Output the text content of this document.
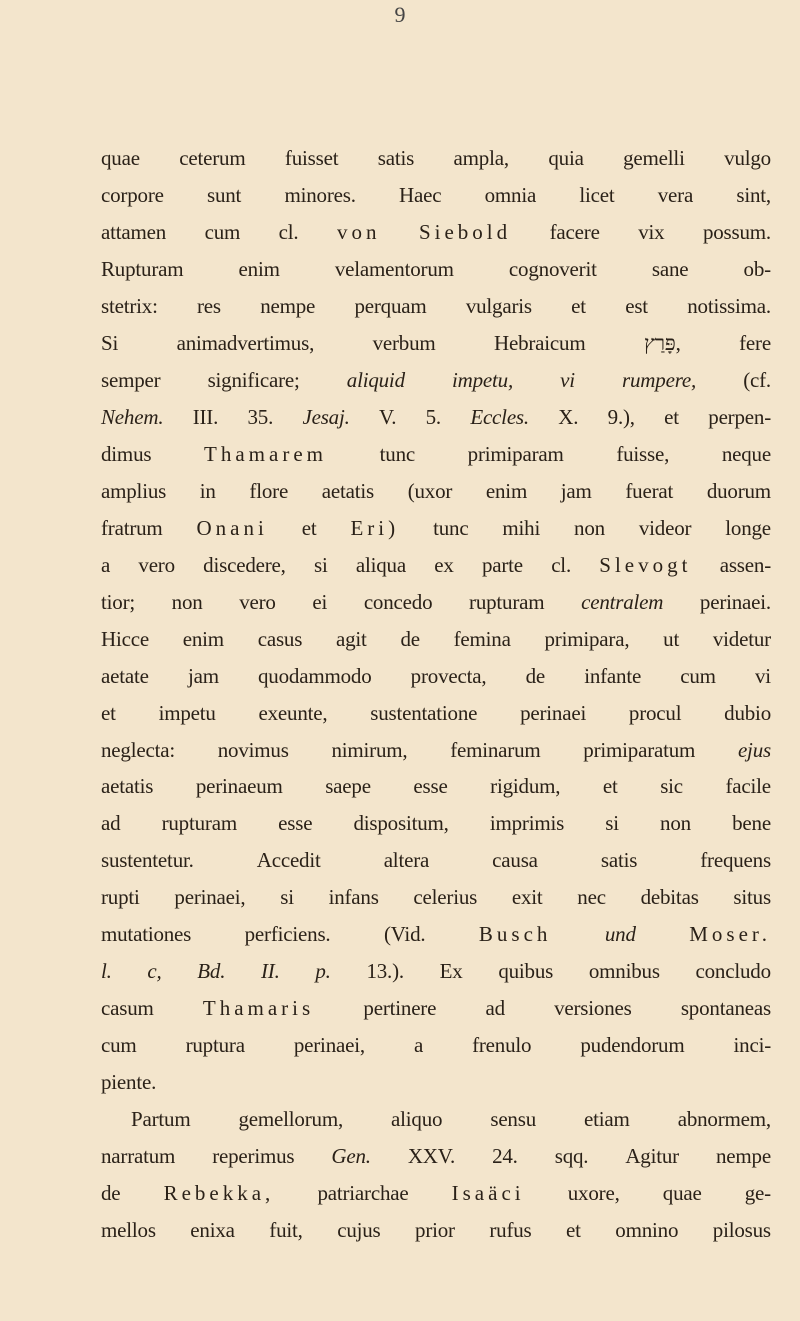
9
quae ceterum fuisset satis ampla, quia gemelli vulgo
corpore sunt minores. Haec omnia licet vera sint,
attamen cum cl. von Siebold facere vix possum.
Rupturam	enim	velamentorum	cognoverit	sane	ob-
stetrix: res nempe perquam vulgaris et est notissima.
Si	animadvertimus,	verbum	Hebraicum	פָּרַץ,	fere
semper significare; aliquid impetu, vi rumpere, (cf.
Nehem. III. 35. Jesaj. V. 5. Eccles. X. 9.), et perpen-
dimus	Thamarem	tunc	primiparam	fuisse,	neque
amplius in flore aetatis (uxor enim jam fuerat duorum
fratrum Onani et Eri) tunc mihi non videor longe
a vero discedere, si aliqua ex parte cl. Slevogt assen-
tior; non vero ei concedo rupturam centralem perinaei.
Hicce enim casus agit de femina primipara, ut videtur
aetate jam quodammodo provecta, de infante cum vi
et impetu exeunte, sustentatione perinaei procul dubio
neglecta: novimus nimirum, feminarum primiparatum ejus
aetatis perinaeum saepe esse rigidum, et sic facile
ad rupturam esse dispositum, imprimis si non bene
sustentetur.	Accedit	altera	causa	satis	frequens
rupti perinaei, si infans celerius exit nec debitas situs
mutationes	perficiens.	(Vid.	Busch	und	Moser.
l. c, Bd. II. p. 13.). Ex quibus omnibus concludo
casum Thamaris pertinere ad versiones spontaneas
cum ruptura perinaei, a frenulo pudendorum inci-
piente.
Partum gemellorum, aliquo sensu etiam abnormem,
narratum reperimus Gen. XXV. 24. sqq. Agitur nempe
de Rebekka, patriarchae Isaäci uxore, quae ge-
mellos enixa fuit, cujus prior rufus et omnino pilosus
